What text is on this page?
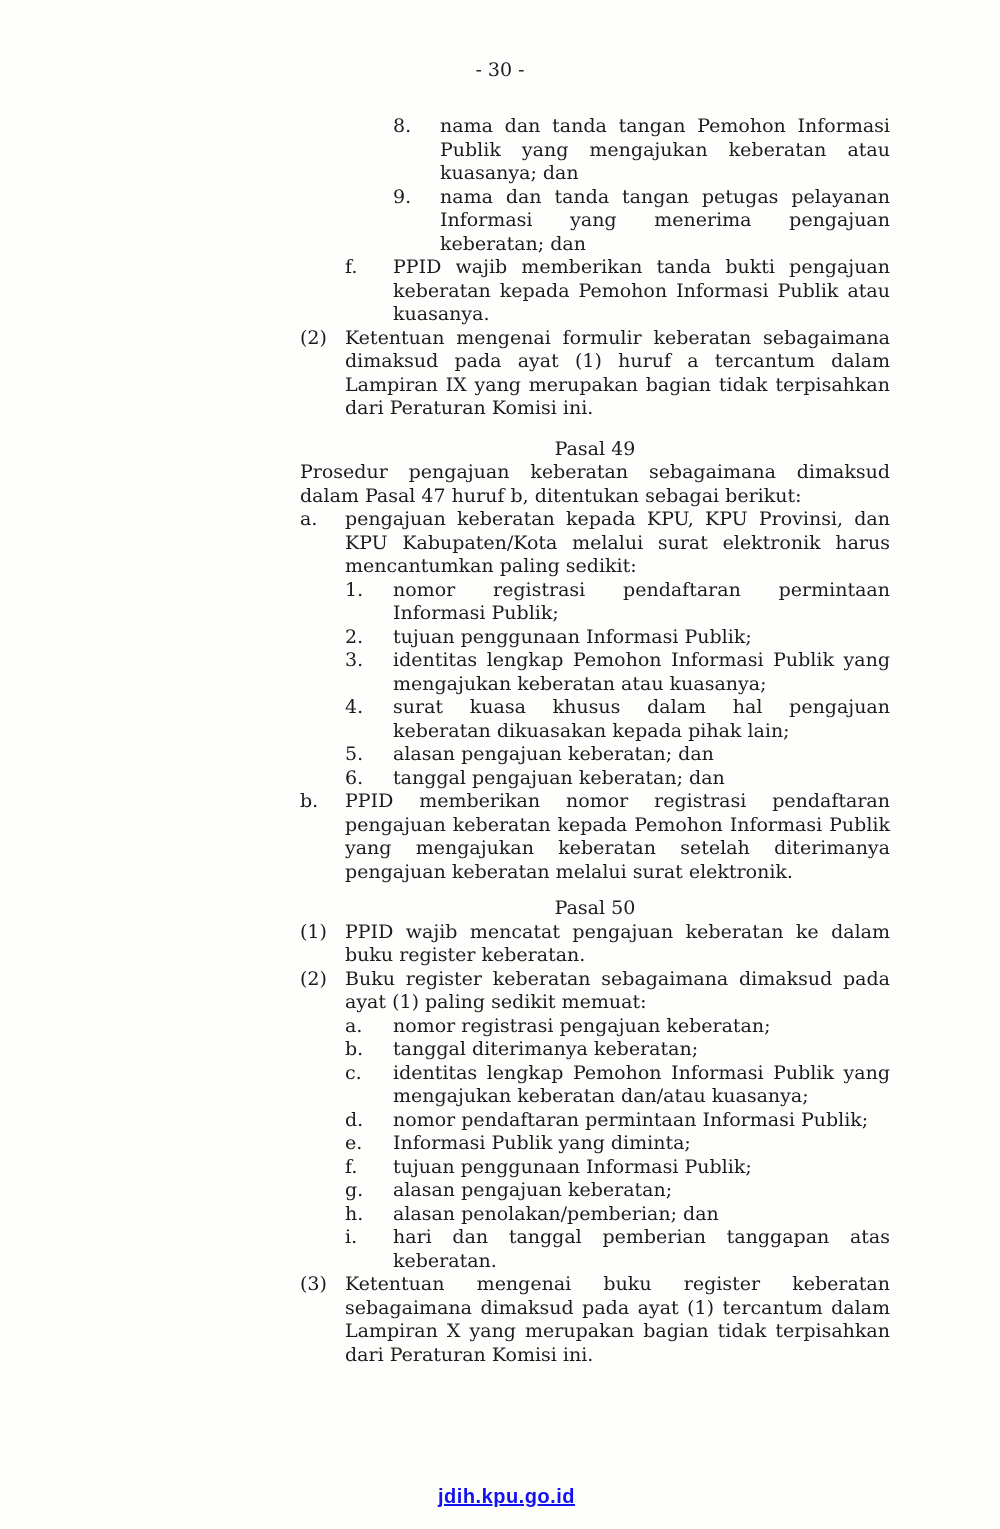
- 30 -
8.	nama dan tanda tangan Pemohon Informasi Publik yang mengajukan keberatan atau kuasanya; dan
9.	nama dan tanda tangan petugas pelayanan Informasi yang menerima pengajuan keberatan; dan
f.	PPID wajib memberikan tanda bukti pengajuan keberatan kepada Pemohon Informasi Publik atau kuasanya.
(2) Ketentuan mengenai formulir keberatan sebagaimana dimaksud pada ayat (1) huruf a tercantum dalam Lampiran IX yang merupakan bagian tidak terpisahkan dari Peraturan Komisi ini.
Pasal 49

Prosedur pengajuan keberatan sebagaimana dimaksud dalam Pasal 47 huruf b, ditentukan sebagai berikut:

a.	pengajuan keberatan kepada KPU, KPU Provinsi, dan KPU Kabupaten/Kota melalui surat elektronik harus mencantumkan paling sedikit:
1.	nomor registrasi pendaftaran permintaan Informasi Publik;
2.	tujuan penggunaan Informasi Publik;
3.	identitas lengkap Pemohon Informasi Publik yang mengajukan keberatan atau kuasanya;
4.	surat kuasa khusus dalam hal pengajuan keberatan dikuasakan kepada pihak lain;
5.	alasan pengajuan keberatan; dan
6.	tanggal pengajuan keberatan; dan
b.	PPID memberikan nomor registrasi pendaftaran pengajuan keberatan kepada Pemohon Informasi Publik yang mengajukan keberatan setelah diterimanya pengajuan keberatan melalui surat elektronik.
Pasal 50
(1) PPID wajib mencatat pengajuan keberatan ke dalam buku register keberatan.
(2) Buku register keberatan sebagaimana dimaksud pada ayat (1) paling sedikit memuat:
a.	nomor registrasi pengajuan keberatan;
b.	tanggal diterimanya keberatan;
c.	identitas lengkap Pemohon Informasi Publik yang mengajukan keberatan dan/atau kuasanya;
d.	nomor pendaftaran permintaan Informasi Publik;
e.	Informasi Publik yang diminta;
f.	tujuan penggunaan Informasi Publik;
g.	alasan pengajuan keberatan;
h.	alasan penolakan/pemberian; dan
i.	hari dan tanggal pemberian tanggapan atas keberatan.
(3) Ketentuan mengenai buku register keberatan sebagaimana dimaksud pada ayat (1) tercantum dalam Lampiran X yang merupakan bagian tidak terpisahkan dari Peraturan Komisi ini.
jdih.kpu.go.id
